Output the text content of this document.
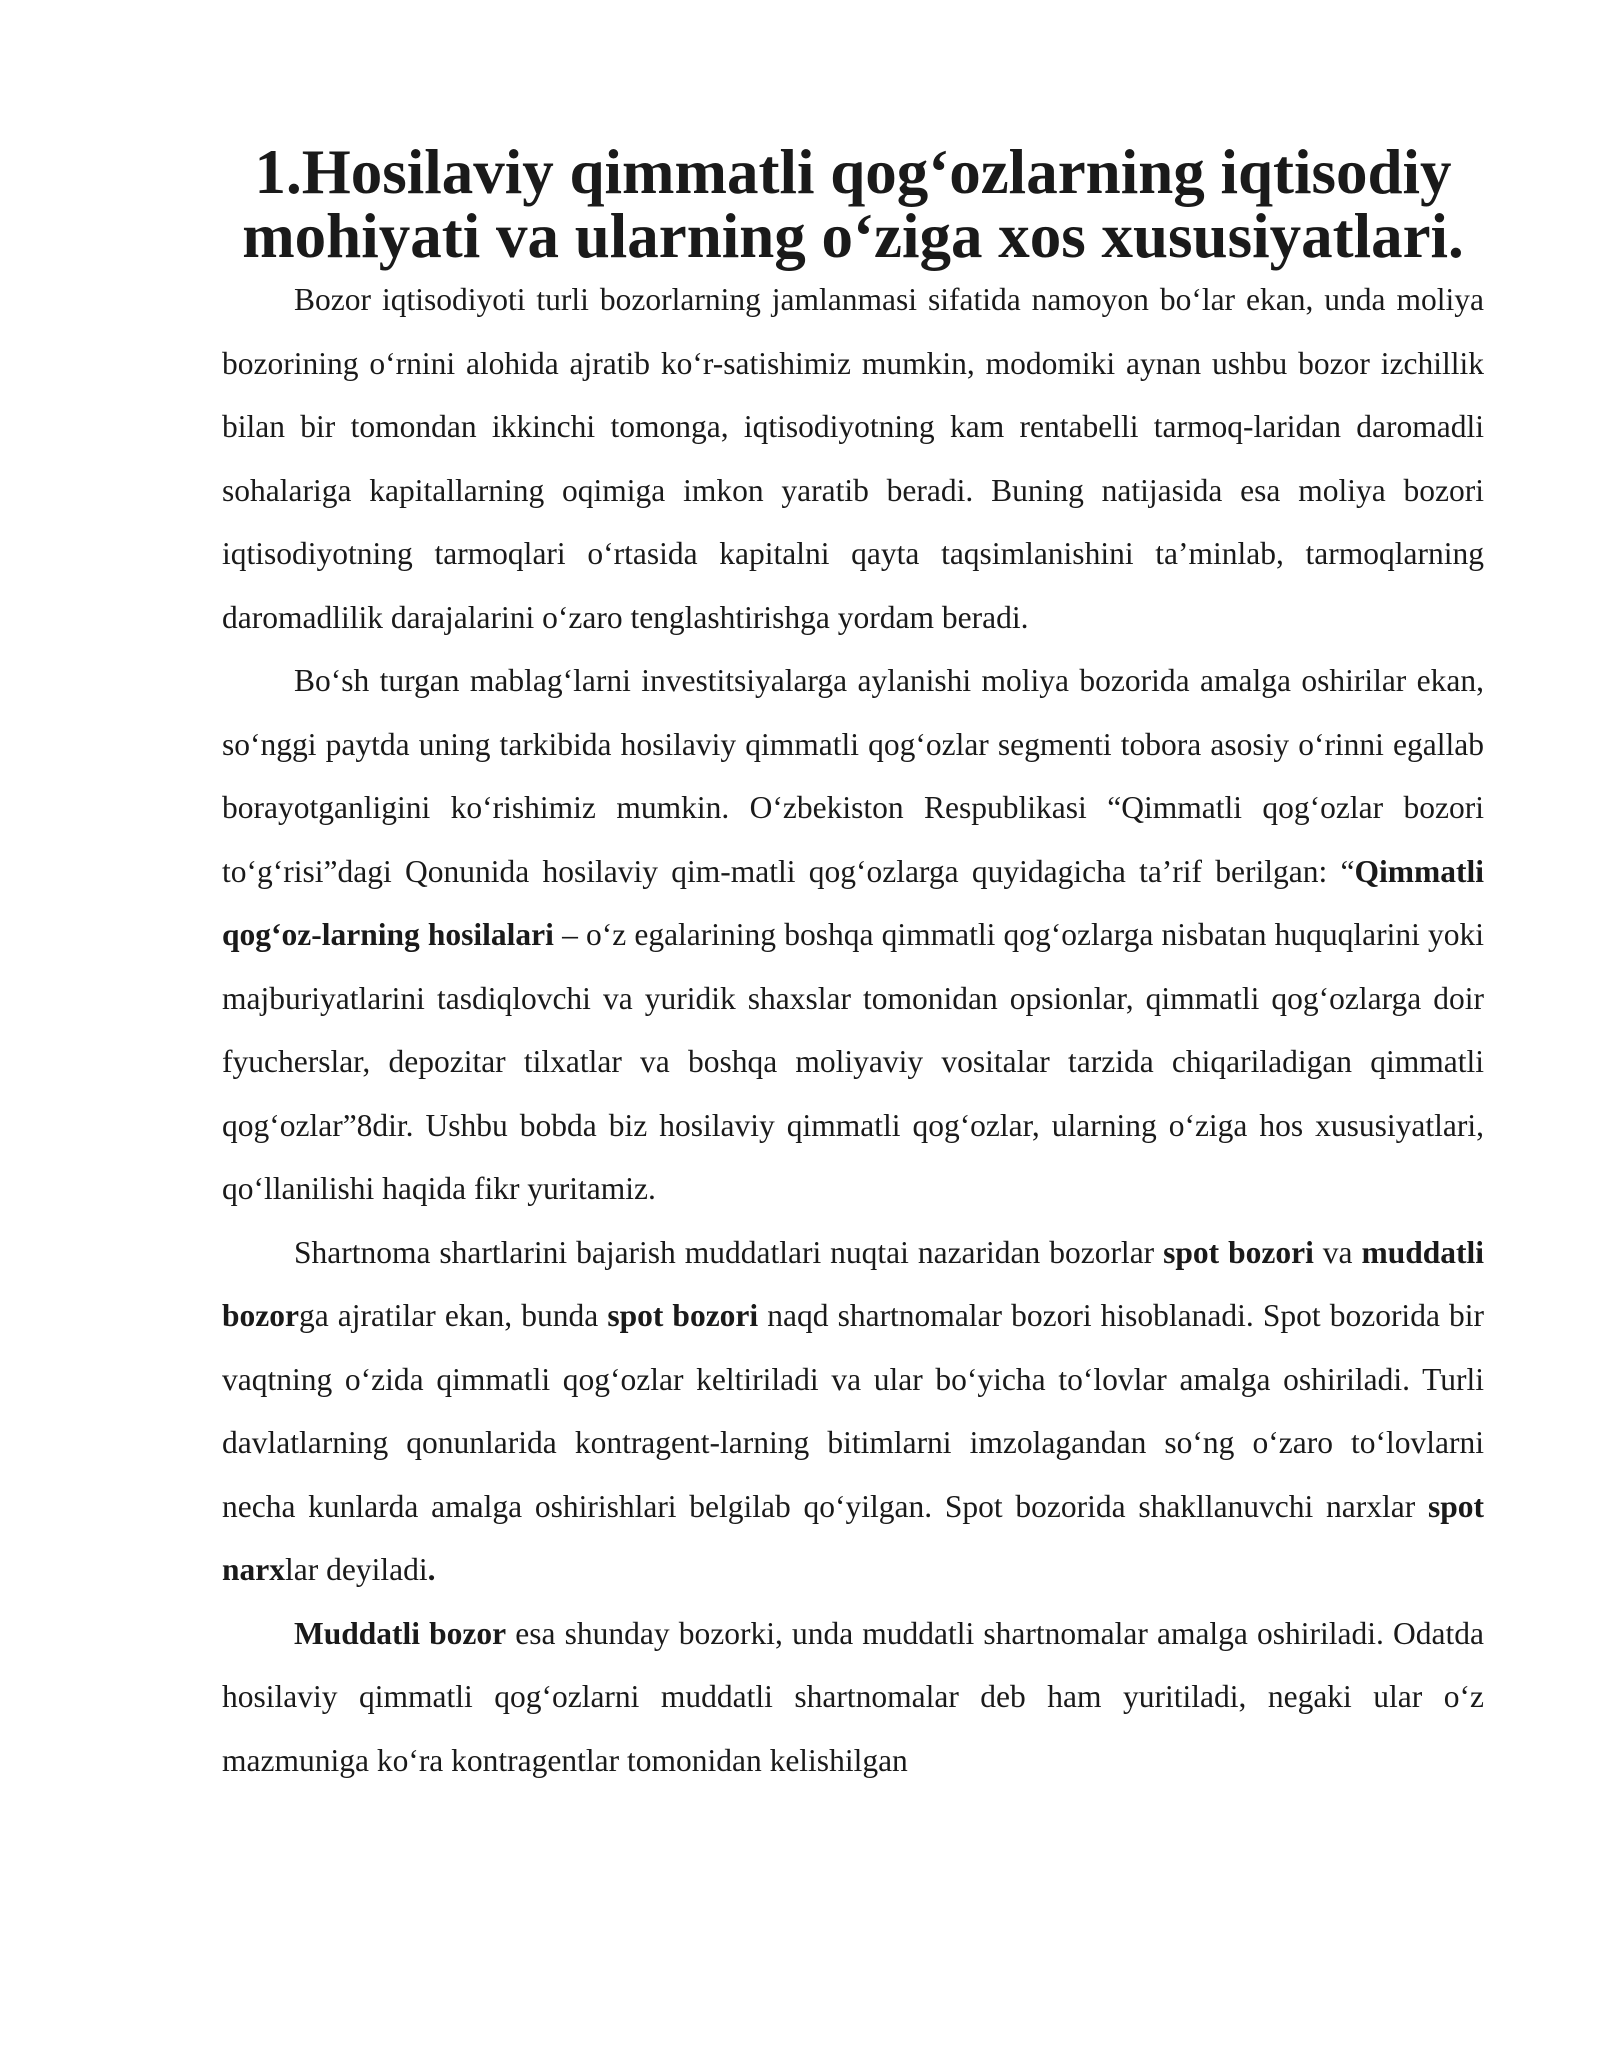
1.Hosilaviy qimmatli qog‘ozlarning iqtisodiy mohiyati va ularning o‘ziga xos xususiyatlari.

Bozor iqtisodiyoti turli bozorlarning jamlanmasi sifatida namoyon bo‘lar ekan, unda moliya bozorining o‘rnini alohida ajratib ko‘r-satishimiz mumkin, modomiki aynan ushbu bozor izchillik bilan bir tomondan ikkinchi tomonga, iqtisodiyotning kam rentabelli tarmoq-laridan daromadli sohalariga kapitallarning oqimiga imkon yaratib beradi. Buning natijasida esa moliya bozori iqtisodiyotning tarmoqlari o‘rtasida kapitalni qayta taqsimlanishini ta’minlab, tarmoqlarning daromadlilik darajalarini o‘zaro tenglashtirishga yordam beradi.

Bo‘sh turgan mablag‘larni investitsiyalarga aylanishi moliya bozorida amalga oshirilar ekan, so‘nggi paytda uning tarkibida hosilaviy qimmatli qog‘ozlar segmenti tobora asosiy o‘rinni egallab borayotganligini ko‘rishimiz mumkin. O‘zbekiston Respublikasi “Qimmatli qog‘ozlar bozori to‘g‘risi”dagi Qonunida hosilaviy qim-matli qog‘ozlarga quyidagicha ta’rif berilgan: “Qimmatli qog‘oz-larning hosilalari – o‘z egalarining boshqa qimmatli qog‘ozlarga nisbatan huquqlarini yoki majburiyatlarini tasdiqlovchi va yuridik shaxslar tomonidan opsionlar, qimmatli qog‘ozlarga doir fyucherslar, depozitar tilxatlar va boshqa moliyaviy vositalar tarzida chiqariladigan qimmatli qog‘ozlar”8dir. Ushbu bobda biz hosilaviy qimmatli qog‘ozlar, ularning o‘ziga hos xususiyatlari, qo‘llanilishi haqida fikr yuritamiz.

Shartnoma shartlarini bajarish muddatlari nuqtai nazaridan bozorlar spot bozori va muddatli bozorga ajratilar ekan, bunda spot bozori naqd shartnomalar bozori hisoblanadi. Spot bozorida bir vaqtning o‘zida qimmatli qog‘ozlar keltiriladi va ular bo‘yicha to‘lovlar amalga oshiriladi. Turli davlatlarning qonunlarida kontragent-larning bitimlarni imzolagandan so‘ng o‘zaro to‘lovlarni necha kunlarda amalga oshirishlari belgilab qo‘yilgan. Spot bozorida shakllanuvchi narxlar spot narxlar deyiladi.

Muddatli bozor esa shunday bozorki, unda muddatli shartnomalar amalga oshiriladi. Odatda hosilaviy qimmatli qog‘ozlarni muddatli shartnomalar deb ham yuritiladi, negaki ular o‘z mazmuniga ko‘ra kontragentlar tomonidan kelishilgan
